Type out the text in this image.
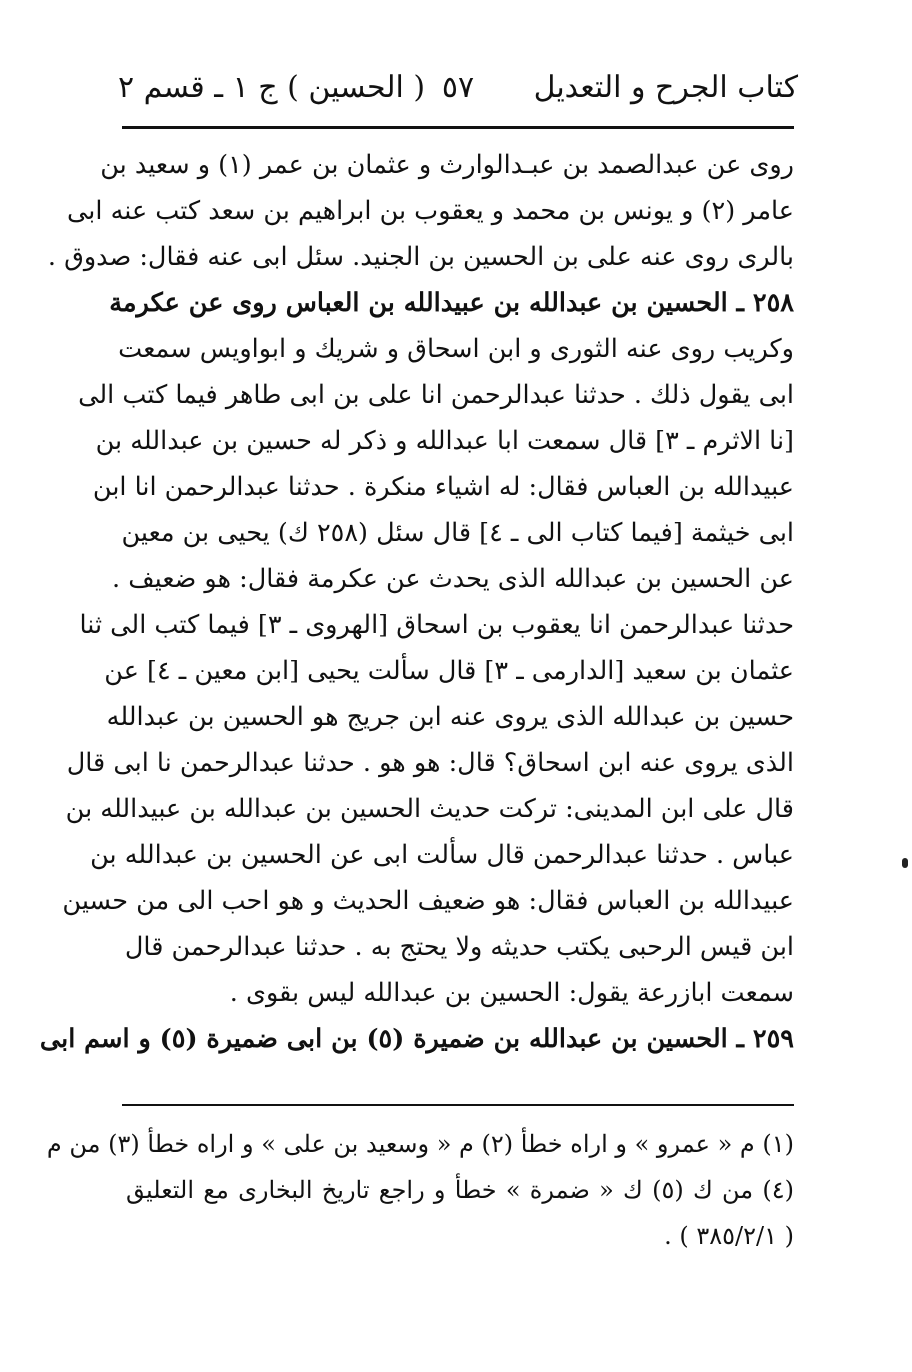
كتاب الجرح و التعديل
٥٧
( الحسين ) ج ١ ـ قسم ٢
روى عن عبدالصمد بن عبـدالوارث و عثمان بن عمر (١) و سعيد بن
عامر (٢) و يونس بن محمد و يعقوب بن ابراهيم بن سعد كتب عنه ابى
بالرى روى عنه على بن الحسين بن الجنيد. سئل ابى عنه فقال: صدوق .
٢٥٨ ـ الحسين بن عبدالله بن عبيدالله بن العباس روى عن عكرمة
وكريب روى عنه الثورى و ابن اسحاق و شريك و ابواويس سمعت
ابى يقول ذلك . حدثنا عبدالرحمن انا على بن ابى طاهر فيما كتب الى
[نا الاثرم ـ ٣] قال سمعت ابا عبدالله و ذكر له حسين بن عبدالله بن
عبيدالله بن العباس فقال: له اشياء منكرة . حدثنا عبدالرحمن انا ابن
ابى خيثمة [فيما كتاب الى ـ ٤] قال سئل (٢٥٨ ك) يحيى بن معين
عن الحسين بن عبدالله الذى يحدث عن عكرمة فقال: هو ضعيف .
حدثنا عبدالرحمن انا يعقوب بن اسحاق [الهروى ـ ٣] فيما كتب الى ثنا
عثمان بن سعيد [الدارمى ـ ٣] قال سألت يحيى [ابن معين ـ ٤] عن
حسين بن عبدالله الذى يروى عنه ابن جريج هو الحسين بن عبدالله
الذى يروى عنه ابن اسحاق؟ قال: هو هو . حدثنا عبدالرحمن نا ابى قال
قال على ابن المدينى: تركت حديث الحسين بن عبدالله بن عبيدالله بن
عباس . حدثنا عبدالرحمن قال سألت ابى عن الحسين بن عبدالله بن
عبيدالله بن العباس فقال: هو ضعيف الحديث و هو احب الى من حسين
ابن قيس الرحبى يكتب حديثه ولا يحتج به . حدثنا عبدالرحمن قال
سمعت ابازرعة يقول: الحسين بن عبدالله ليس بقوى .
٢٥٩ ـ الحسين بن عبدالله بن ضميرة (٥) بن ابى ضميرة (٥) و اسم ابى
(١) م « عمرو » و اراه خطأ (٢) م « وسعيد بن على » و اراه خطأ (٣) من م
(٤) من ك (٥) ك « ضمرة » خطأ و راجع تاريخ البخارى مع التعليق
( ٣٨٥/٢/١ ) .
